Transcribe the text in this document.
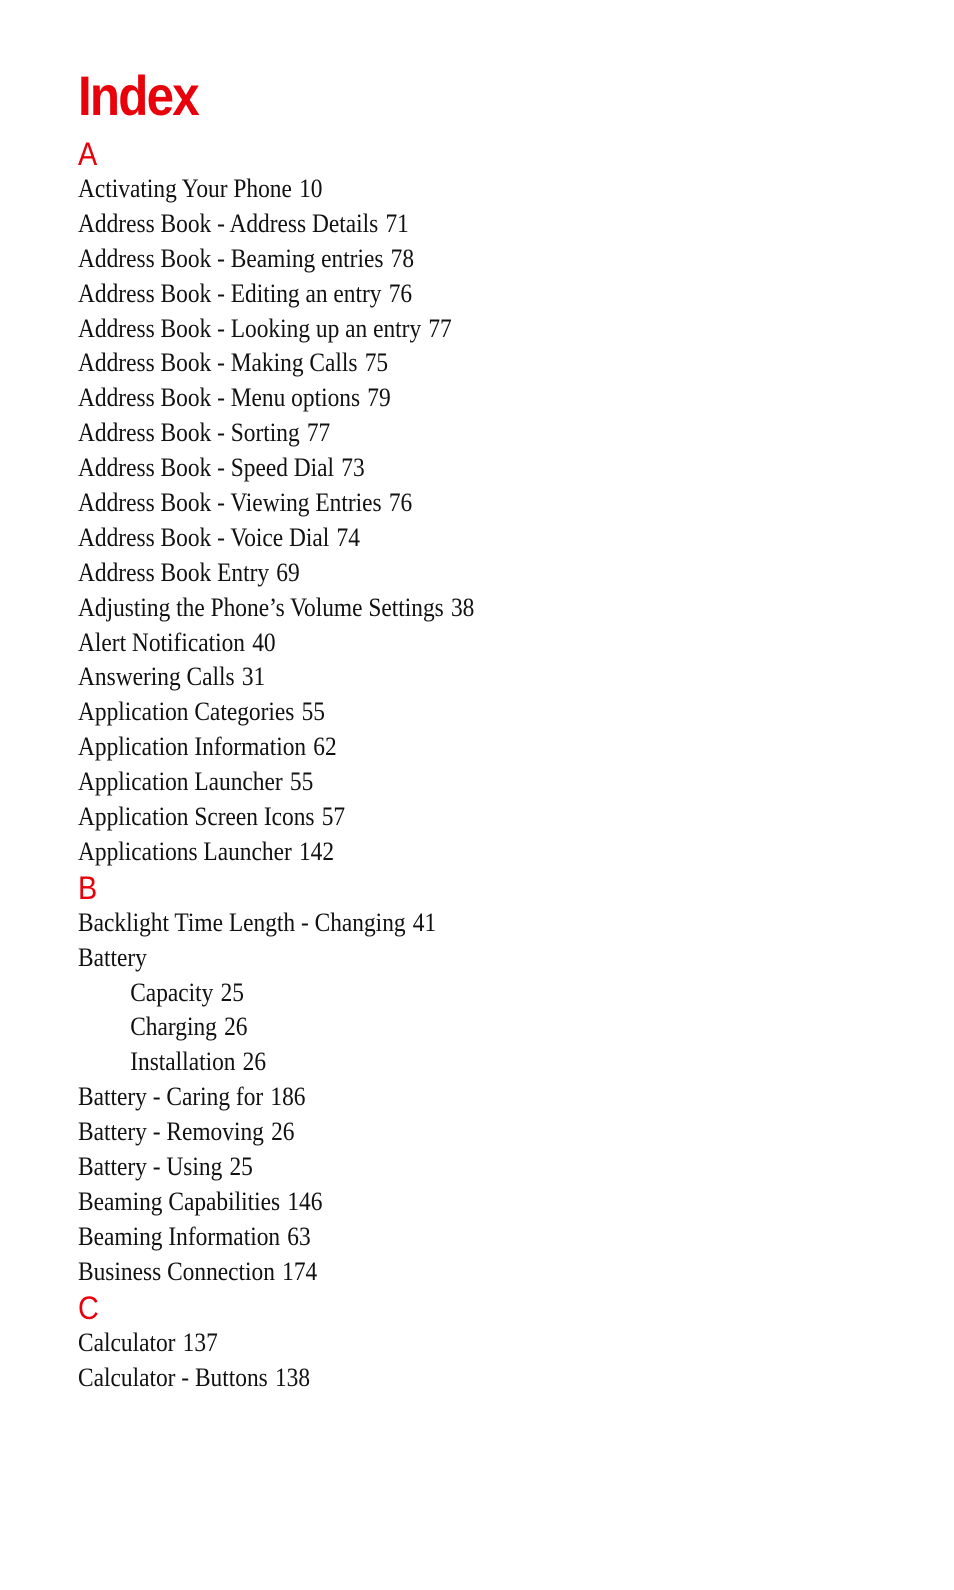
Index
A
Activating Your Phone 10
Address Book - Address Details 71
Address Book - Beaming entries 78
Address Book - Editing an entry 76
Address Book - Looking up an entry 77
Address Book - Making Calls 75
Address Book - Menu options 79
Address Book - Sorting 77
Address Book - Speed Dial 73
Address Book - Viewing Entries 76
Address Book - Voice Dial 74
Address Book Entry 69
Adjusting the Phone’s Volume Settings 38
Alert Notification 40
Answering Calls 31
Application Categories 55
Application Information 62
Application Launcher 55
Application Screen Icons 57
Applications Launcher 142
B
Backlight Time Length - Changing 41
Battery
Capacity 25
Charging 26
Installation 26
Battery - Caring for 186
Battery - Removing 26
Battery - Using 25
Beaming Capabilities 146
Beaming Information 63
Business Connection 174
C
Calculator 137
Calculator - Buttons 138
